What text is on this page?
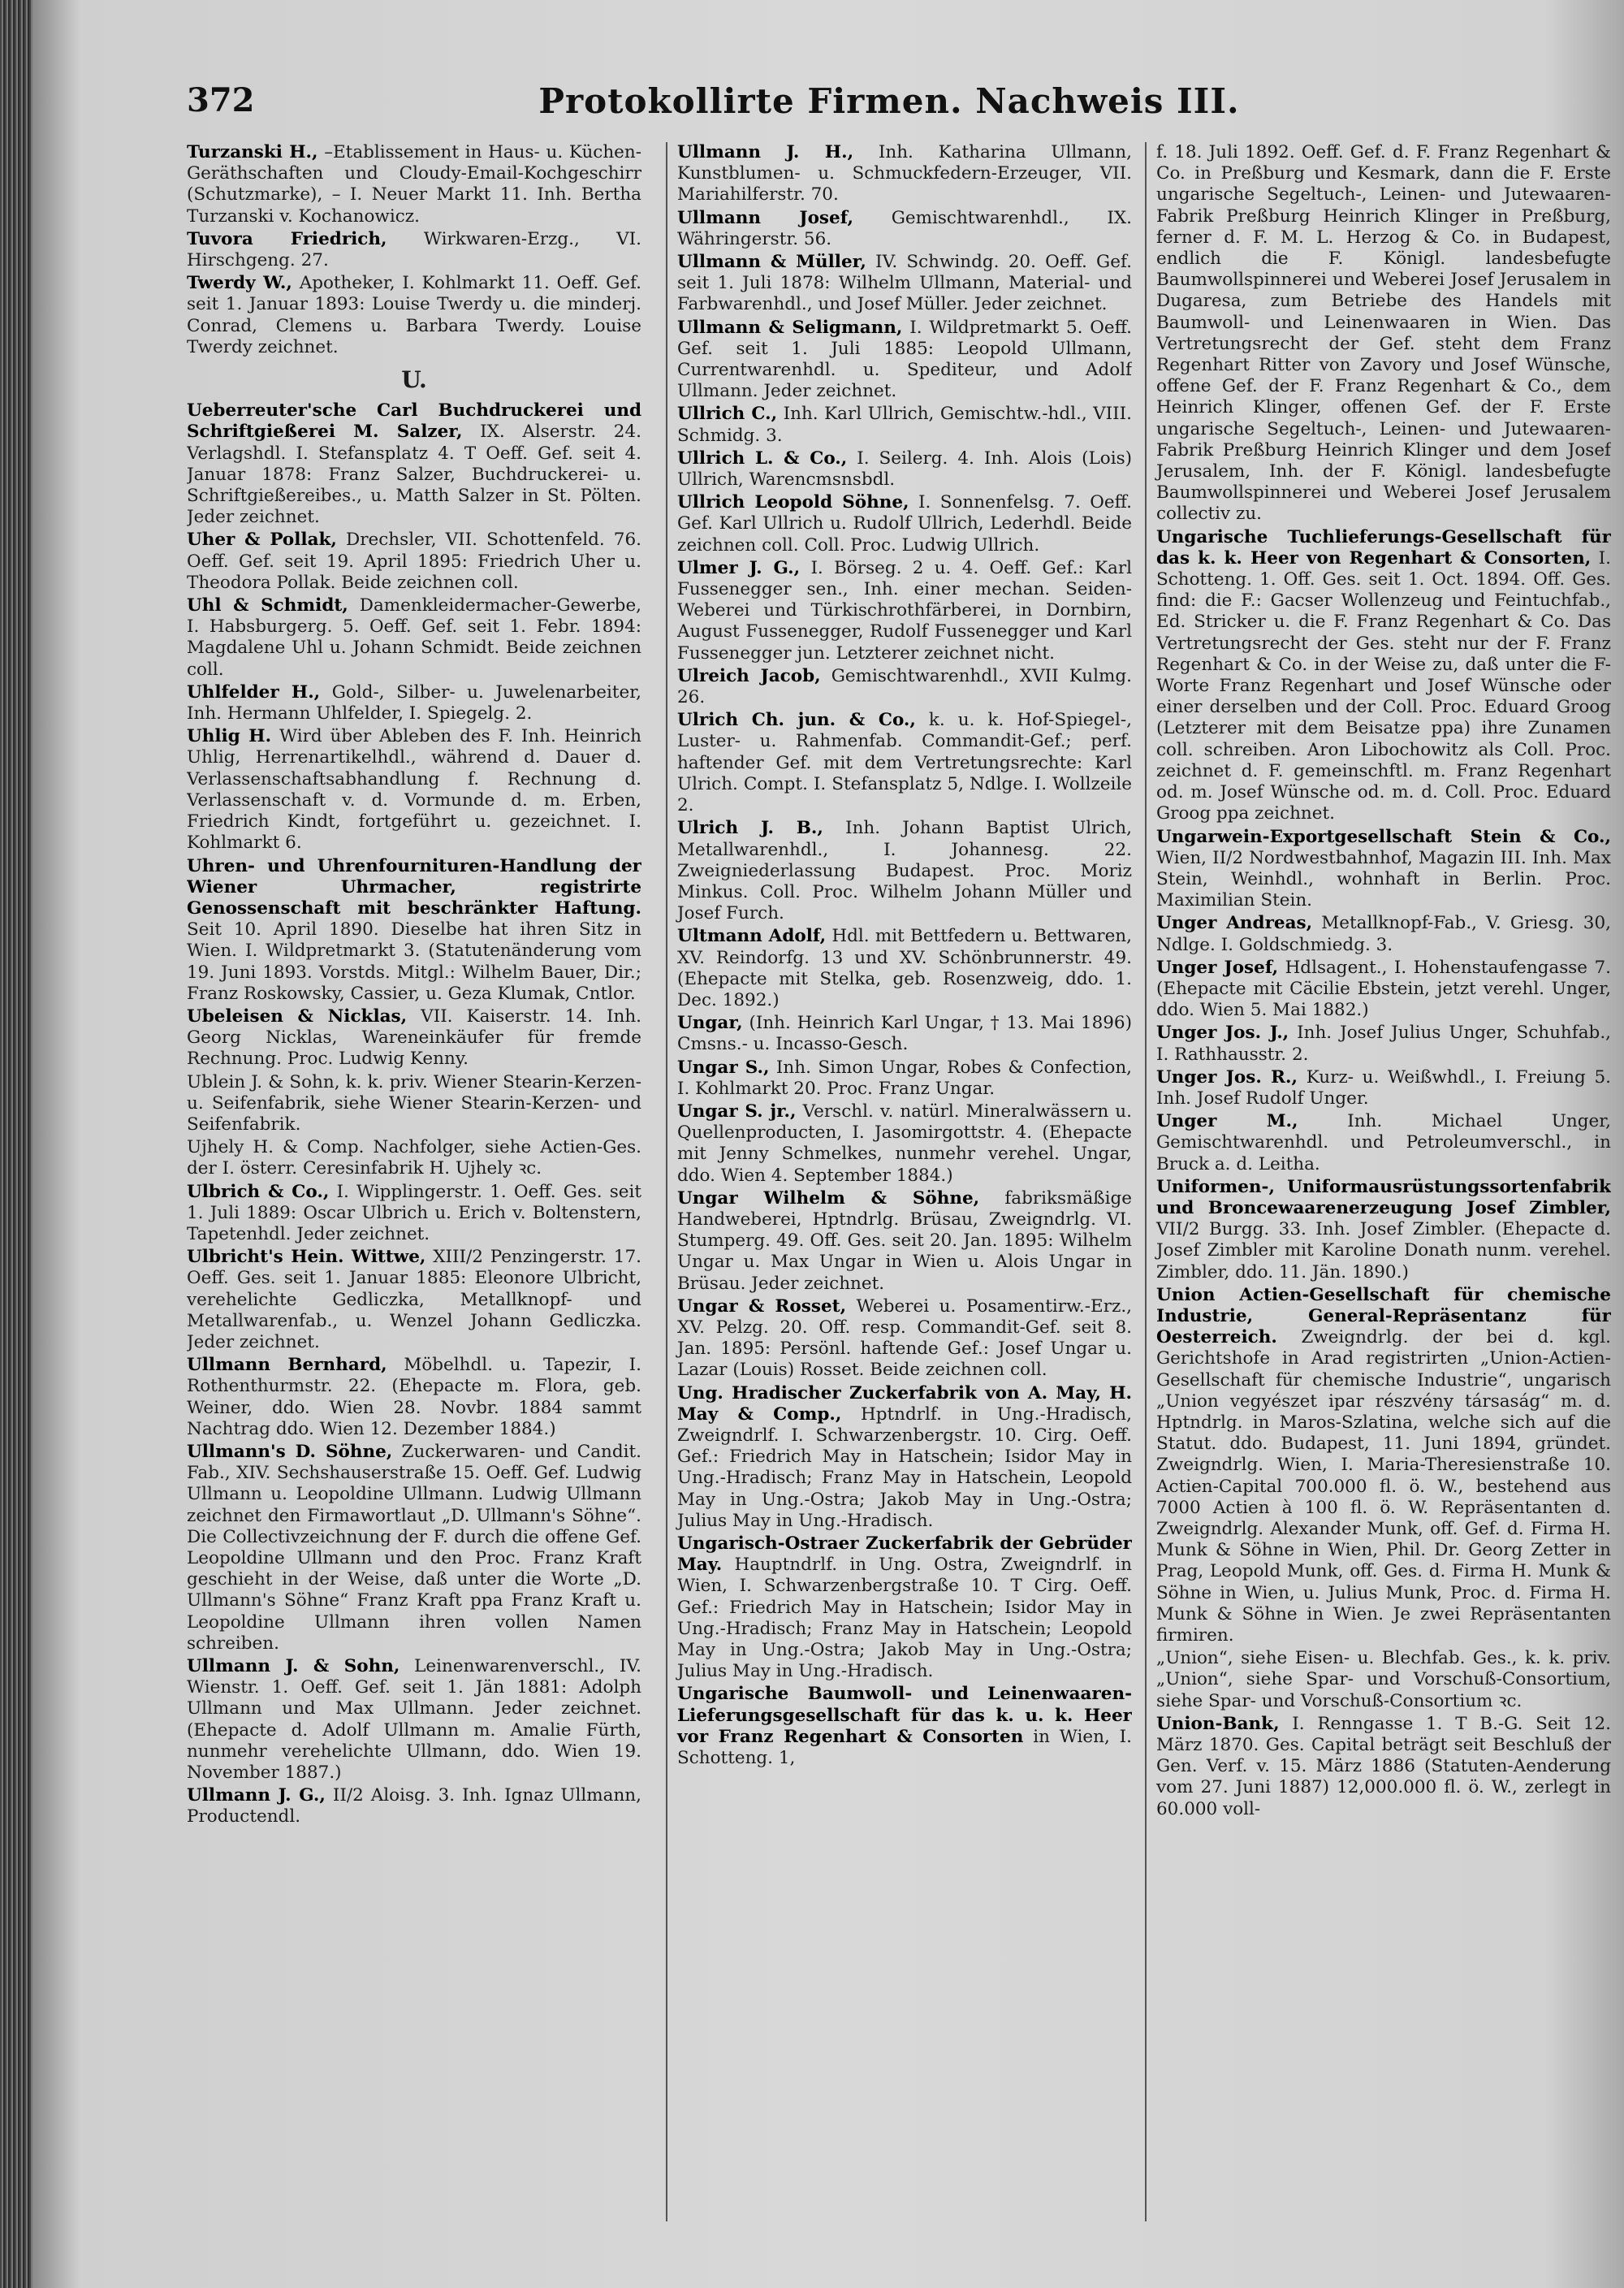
372	Protokollirte Firmen. Nachweis III.
Turzanski H., –Etablissement in Haus- u. Küchen-Geräthschaften und Cloudy-Email-Kochgeschirr (Schutzmarke), – I. Neuer Markt 11. Inh. Bertha Turzanski v. Kochanowicz.
Tuvora Friedrich, Wirkwaren-Erzg., VI. Hirschgeng. 27.
Twerdy W., Apotheker, I. Kohlmarkt 11. Oeff. Gef. seit 1. Januar 1893: Louise Twerdy u. die minderj. Conrad, Clemens u. Barbara Twerdy. Louise Twerdy zeichnet.
U.
Ueberreuter'sche Carl Buchdruckerei und Schriftgießerei M. Salzer, IX. Alserstr. 24. Verlagshdl. I. Stefansplatz 4. T Oeff. Gef. seit 4. Januar 1878: Franz Salzer, Buchdruckerei- u. Schriftgießereibes., u. Matth Salzer in St. Pölten. Jeder zeichnet.
Uher & Pollak, Drechsler, VII. Schottenfeld. 76. Oeff. Gef. seit 19. April 1895: Friedrich Uher u. Theodora Pollak. Beide zeichnen coll.
Uhl & Schmidt, Damenkleidermacher-Gewerbe, I. Habsburgerg. 5. Oeff. Gef. seit 1. Febr. 1894: Magdalene Uhl u. Johann Schmidt. Beide zeichnen coll.
Uhlfelder H., Gold-, Silber- u. Juwelenarbeiter, Inh. Hermann Uhlfelder, I. Spiegelg. 2.
Uhlig H. Wird über Ableben des F. Inh. Heinrich Uhlig, Herrenartikelhdl., während d. Dauer d. Verlassenschaftsabhandlung f. Rechnung d. Verlassenschaft v. d. Vormunde d. m. Erben, Friedrich Kindt, fortgeführt u. gezeichnet. I. Kohlmarkt 6.
Uhren- und Uhrenfournituren-Handlung der Wiener Uhrmacher, registrirte Genossenschaft mit beschränkter Haftung. Seit 10. April 1890. Dieselbe hat ihren Sitz in Wien. I. Wildpretmarkt 3. (Statutenänderung vom 19. Juni 1893. Vorstds. Mitgl.: Wilhelm Bauer, Dir.; Franz Roskowsky, Cassier, u. Geza Klumak, Cntlor.
Ubeleisen & Nicklas, VII. Kaiserstr. 14. Inh. Georg Nicklas, Wareneinkäufer für fremde Rechnung. Proc. Ludwig Kenny.
Ublein J. & Sohn, k. k. priv. Wiener Stearin-Kerzen- u. Seifenfabrik, siehe Wiener Stearin-Kerzen- und Seifenfabrik.
Ujhely H. & Comp. Nachfolger, siehe Actien-Ges. der I. österr. Ceresinfabrik H. Ujhely ꝛc.
Ulbrich & Co., I. Wipplingerstr. 1. Oeff. Ges. seit 1. Juli 1889: Oscar Ulbrich u. Erich v. Boltenstern, Tapetenhdl. Jeder zeichnet.
Ulbricht's Hein. Wittwe, XIII/2 Penzingerstr. 17. Oeff. Ges. seit 1. Januar 1885: Eleonore Ulbricht, verehelichte Gedliczka, Metallknopf- und Metallwarenfab., u. Wenzel Johann Gedliczka. Jeder zeichnet.
Ullmann Bernhard, Möbelhdl. u. Tapezir, I. Rothenthurmstr. 22. (Ehepacte m. Flora, geb. Weiner, ddo. Wien 28. Novbr. 1884 sammt Nachtrag ddo. Wien 12. Dezember 1884.)
Ullmann's D. Söhne, Zuckerwaren- und Candit. Fab., XIV. Sechshauserstraße 15. Oeff. Gef. Ludwig Ullmann u. Leopoldine Ullmann. Ludwig Ullmann zeichnet den Firmawortlaut „D. Ullmann's Söhne“. Die Collectivzeichnung der F. durch die offene Gef. Leopoldine Ullmann und den Proc. Franz Kraft geschieht in der Weise, daß unter die Worte „D. Ullmann's Söhne“ Franz Kraft ppa Franz Kraft u. Leopoldine Ullmann ihren vollen Namen schreiben.
Ullmann J. & Sohn, Leinenwarenverschl., IV. Wienstr. 1. Oeff. Gef. seit 1. Jän 1881: Adolph Ullmann und Max Ullmann. Jeder zeichnet. (Ehepacte d. Adolf Ullmann m. Amalie Fürth, nunmehr verehelichte Ullmann, ddo. Wien 19. November 1887.)
Ullmann J. G., II/2 Aloisg. 3. Inh. Ignaz Ullmann, Productendl.
Ullmann J. H., Inh. Katharina Ullmann, Kunstblumen- u. Schmuckfedern-Erzeuger, VII. Mariahilferstr. 70.
Ullmann Josef, Gemischtwarenhdl., IX. Währingerstr. 56.
Ullmann & Müller, IV. Schwindg. 20. Oeff. Gef. seit 1. Juli 1878: Wilhelm Ullmann, Material- und Farbwarenhdl., und Josef Müller. Jeder zeichnet.
Ullmann & Seligmann, I. Wildpretmarkt 5. Oeff. Gef. seit 1. Juli 1885: Leopold Ullmann, Currentwarenhdl. u. Spediteur, und Adolf Ullmann. Jeder zeichnet.
Ullrich C., Inh. Karl Ullrich, Gemischtw.-hdl., VIII. Schmidg. 3.
Ullrich L. & Co., I. Seilerg. 4. Inh. Alois (Lois) Ullrich, Warencmsnsbdl.
Ullrich Leopold Söhne, I. Sonnenfelsg. 7. Oeff. Gef. Karl Ullrich u. Rudolf Ullrich, Lederhdl. Beide zeichnen coll. Coll. Proc. Ludwig Ullrich.
Ulmer J. G., I. Börseg. 2 u. 4. Oeff. Gef.: Karl Fussenegger sen., Inh. einer mechan. Seiden-Weberei und Türkischrothfärberei, in Dornbirn, August Fussenegger, Rudolf Fussenegger und Karl Fussenegger jun. Letzterer zeichnet nicht.
Ulreich Jacob, Gemischtwarenhdl., XVII Kulmg. 26.
Ulrich Ch. jun. & Co., k. u. k. Hof-Spiegel-, Luster- u. Rahmenfab. Commandit-Gef.; perf. haftender Gef. mit dem Vertretungsrechte: Karl Ulrich. Compt. I. Stefansplatz 5, Ndlge. I. Wollzeile 2.
Ulrich J. B., Inh. Johann Baptist Ulrich, Metallwarenhdl., I. Johannesg. 22. Zweigniederlassung Budapest. Proc. Moriz Minkus. Coll. Proc. Wilhelm Johann Müller und Josef Furch.
Ultmann Adolf, Hdl. mit Bettfedern u. Bettwaren, XV. Reindorfg. 13 und XV. Schönbrunnerstr. 49. (Ehepacte mit Stelka, geb. Rosenzweig, ddo. 1. Dec. 1892.)
Ungar, (Inh. Heinrich Karl Ungar, † 13. Mai 1896) Cmsns.- u. Incasso-Gesch.
Ungar S., Inh. Simon Ungar, Robes & Confection, I. Kohlmarkt 20. Proc. Franz Ungar.
Ungar S. jr., Verschl. v. natürl. Mineralwässern u. Quellenproducten, I. Jasomirgottstr. 4. (Ehepacte mit Jenny Schmelkes, nunmehr verehel. Ungar, ddo. Wien 4. September 1884.)
Ungar Wilhelm & Söhne, fabriksmäßige Handweberei, Hptndrlg. Brüsau, Zweigndrlg. VI. Stumperg. 49. Off. Ges. seit 20. Jan. 1895: Wilhelm Ungar u. Max Ungar in Wien u. Alois Ungar in Brüsau. Jeder zeichnet.
Ungar & Rosset, Weberei u. Posamentirw.-Erz., XV. Pelzg. 20. Off. resp. Commandit-Gef. seit 8. Jan. 1895: Persönl. haftende Gef.: Josef Ungar u. Lazar (Louis) Rosset. Beide zeichnen coll.
Ung. Hradischer Zuckerfabrik von A. May, H. May & Comp., Hptndrlf. in Ung.-Hradisch, Zweigndrlf. I. Schwarzenbergstr. 10. Cirg. Oeff. Gef.: Friedrich May in Hatschein; Isidor May in Ung.-Hradisch; Franz May in Hatschein, Leopold May in Ung.-Ostra; Jakob May in Ung.-Ostra; Julius May in Ung.-Hradisch.
Ungarisch-Ostraer Zuckerfabrik der Gebrüder May. Hauptndrlf. in Ung. Ostra, Zweigndrlf. in Wien, I. Schwarzenbergstraße 10. T Cirg. Oeff. Gef.: Friedrich May in Hatschein; Isidor May in Ung.-Hradisch; Franz May in Hatschein; Leopold May in Ung.-Ostra; Jakob May in Ung.-Ostra; Julius May in Ung.-Hradisch.
Ungarische Baumwoll- und Leinenwaaren-Lieferungsgesellschaft für das k. u. k. Heer vor Franz Regenhart & Consorten in Wien, I. Schotteng. 1,
f. 18. Juli 1892. Oeff. Gef. d. F. Franz Regenhart & Co. in Preßburg und Kesmark, dann die F. Erste ungarische Segeltuch-, Leinen- und Jutewaaren-Fabrik Preßburg Heinrich Klinger in Preßburg, ferner d. F. M. L. Herzog & Co. in Budapest, endlich die F. Königl. landesbefugte Baumwollspinnerei und Weberei Josef Jerusalem in Dugaresa, zum Betriebe des Handels mit Baumwoll- und Leinenwaaren in Wien. Das Vertretungsrecht der Gef. steht dem Franz Regenhart Ritter von Zavory und Josef Wünsche, offene Gef. der F. Franz Regenhart & Co., dem Heinrich Klinger, offenen Gef. der F. Erste ungarische Segeltuch-, Leinen- und Jutewaaren-Fabrik Preßburg Heinrich Klinger und dem Josef Jerusalem, Inh. der F. Königl. landesbefugte Baumwollspinnerei und Weberei Josef Jerusalem collectiv zu.
Ungarische Tuchlieferungs-Gesellschaft für das k. k. Heer von Regenhart & Consorten, I. Schotteng. 1. Off. Ges. seit 1. Oct. 1894. Off. Ges. find: die F.: Gacser Wollenzeug und Feintuchfab., Ed. Stricker u. die F. Franz Regenhart & Co. Das Vertretungsrecht der Ges. steht nur der F. Franz Regenhart & Co. in der Weise zu, daß unter die F-Worte Franz Regenhart und Josef Wünsche oder einer derselben und der Coll. Proc. Eduard Groog (Letzterer mit dem Beisatze ppa) ihre Zunamen coll. schreiben. Aron Libochowitz als Coll. Proc. zeichnet d. F. gemeinschftl. m. Franz Regenhart od. m. Josef Wünsche od. m. d. Coll. Proc. Eduard Groog ppa zeichnet.
Ungarwein-Exportgesellschaft Stein & Co., Wien, II/2 Nordwestbahnhof, Magazin III. Inh. Max Stein, Weinhdl., wohnhaft in Berlin. Proc. Maximilian Stein.
Unger Andreas, Metallknopf-Fab., V. Griesg. 30, Ndlge. I. Goldschmiedg. 3.
Unger Josef, Hdlsagent., I. Hohenstaufengasse 7. (Ehepacte mit Cäcilie Ebstein, jetzt verehl. Unger, ddo. Wien 5. Mai 1882.)
Unger Jos. J., Inh. Josef Julius Unger, Schuhfab., I. Rathhausstr. 2.
Unger Jos. R., Kurz- u. Weißwhdl., I. Freiung 5. Inh. Josef Rudolf Unger.
Unger M.,	Inh. Michael Unger, Gemischtwarenhdl. und Petroleumverschl., in Bruck a. d. Leitha.
Uniformen-, Uniformausrüstungssortenfabrik und Broncewaarenerzeugung Josef Zimbler, VII/2 Burgg. 33. Inh. Josef Zimbler. (Ehepacte d. Josef Zimbler mit Karoline Donath nunm. verehel. Zimbler, ddo. 11. Jän. 1890.)
Union Actien-Gesellschaft für chemische Industrie, General-Repräsentanz für Oesterreich. Zweigndrlg. der bei d. kgl. Gerichtshofe in Arad registrirten „Union-Actien-Gesellschaft für chemische Industrie“, ungarisch „Union vegyészet ipar részvény társaság“ m. d. Hptndrlg. in Maros-Szlatina, welche sich auf die Statut. ddo. Budapest, 11. Juni 1894, gründet. Zweigndrlg. Wien, I. Maria-Theresienstraße 10. Actien-Capital 700.000 fl. ö. W., bestehend aus 7000 Actien à 100 fl. ö. W. Repräsentanten d. Zweigndrlg. Alexander Munk, off. Gef. d. Firma H. Munk & Söhne in Wien, Phil. Dr. Georg Zetter in Prag, Leopold Munk, off. Ges. d. Firma H. Munk & Söhne in Wien, u. Julius Munk, Proc. d. Firma H. Munk & Söhne in Wien. Je zwei Repräsentanten firmiren.
„Union“, siehe Eisen- u. Blechfab. Ges., k. k. priv. „Union“, siehe Spar- und Vorschuß-Consortium, siehe Spar- und Vorschuß-Consortium ꝛc.
Union-Bank, I. Renngasse 1. T B.-G. Seit 12. März 1870. Ges. Capital beträgt seit Beschluß der Gen. Verf. v. 15. März 1886 (Statuten-Aenderung vom 27. Juni 1887) 12,000.000 fl. ö. W., zerlegt in 60.000 voll-
